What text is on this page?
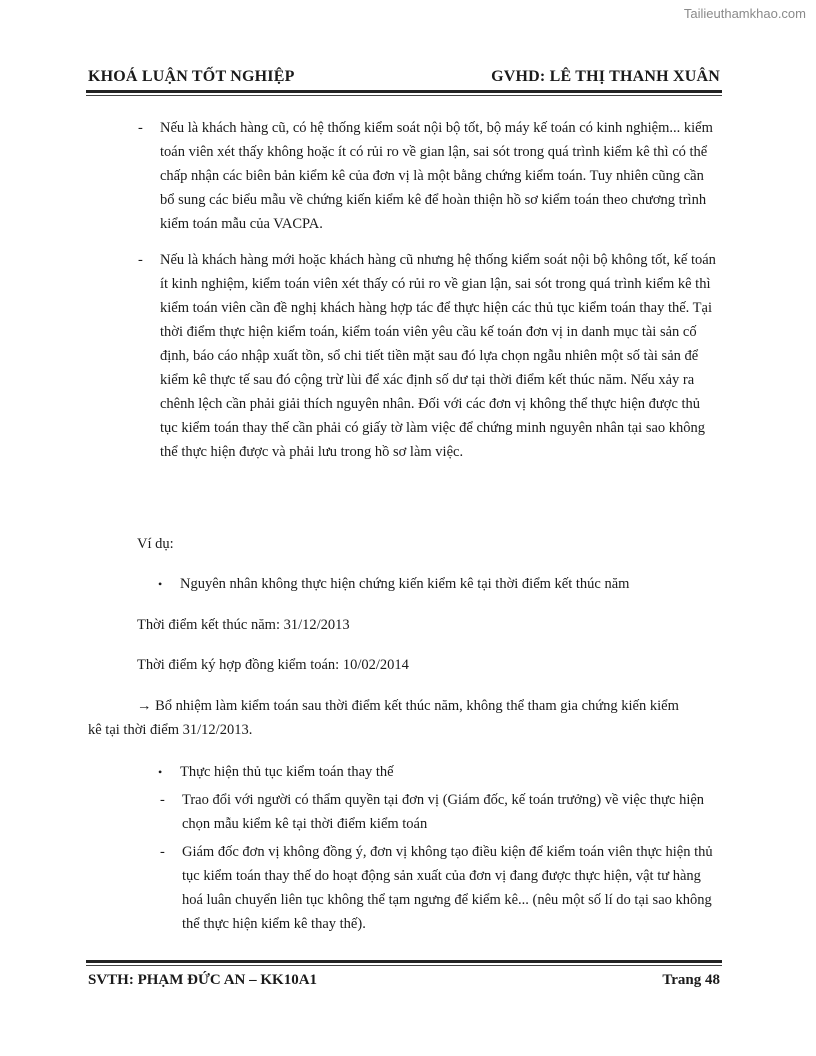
Tailieuthamkhao.com
KHOÁ LUẬN TỐT NGHIỆP	GVHD: LÊ THỊ THANH XUÂN
- Nếu là khách hàng cũ, có hệ thống kiểm soát nội bộ tốt, bộ máy kế toán có kinh nghiệm... kiểm toán viên xét thấy không hoặc ít có rủi ro về gian lận, sai sót trong quá trình kiểm kê thì có thể chấp nhận các biên bản kiểm kê của đơn vị là một bằng chứng kiểm toán. Tuy nhiên cũng cần bổ sung các biểu mẫu về chứng kiến kiểm kê để hoàn thiện hồ sơ kiểm toán theo chương trình kiểm toán mẫu của VACPA.
- Nếu là khách hàng mới hoặc khách hàng cũ nhưng hệ thống kiểm soát nội bộ không tốt, kế toán ít kinh nghiệm, kiểm toán viên xét thấy có rủi ro về gian lận, sai sót trong quá trình kiểm kê thì kiểm toán viên cần đề nghị khách hàng hợp tác để thực hiện các thủ tục kiểm toán thay thế. Tại thời điểm thực hiện kiểm toán, kiểm toán viên yêu cầu kế toán đơn vị in danh mục tài sản cố định, báo cáo nhập xuất tồn, sổ chi tiết tiền mặt sau đó lựa chọn ngẫu nhiên một số tài sản để kiểm kê thực tế sau đó cộng trừ lùi để xác định số dư tại thời điểm kết thúc năm. Nếu xảy ra chênh lệch cần phải giải thích nguyên nhân. Đối với các đơn vị không thể thực hiện được thủ tục kiểm toán thay thế cần phải có giấy tờ làm việc để chứng minh nguyên nhân tại sao không thể thực hiện được và phải lưu trong hồ sơ làm việc.
Ví dụ:
• Nguyên nhân không thực hiện chứng kiến kiểm kê tại thời điểm kết thúc năm
Thời điểm kết thúc năm: 31/12/2013
Thời điểm ký hợp đồng kiểm toán: 10/02/2014
→ Bổ nhiệm làm kiểm toán sau thời điểm kết thúc năm, không thể tham gia chứng kiến kiểm
kê tại thời điểm 31/12/2013.
• Thực hiện thủ tục kiểm toán thay thế
- Trao đổi với người có thẩm quyền tại đơn vị (Giám đốc, kế toán trưởng) về việc thực hiện chọn mẫu kiểm kê tại thời điểm kiểm toán
- Giám đốc đơn vị không đồng ý, đơn vị không tạo điều kiện để kiểm toán viên thực hiện thủ tục kiểm toán thay thế do hoạt động sản xuất của đơn vị đang được thực hiện, vật tư hàng hoá luân chuyển liên tục không thể tạm ngưng để kiểm kê... (nêu một số lí do tại sao không thể thực hiện kiểm kê thay thế).
SVTH: PHẠM ĐỨC AN – KK10A1	Trang 48
